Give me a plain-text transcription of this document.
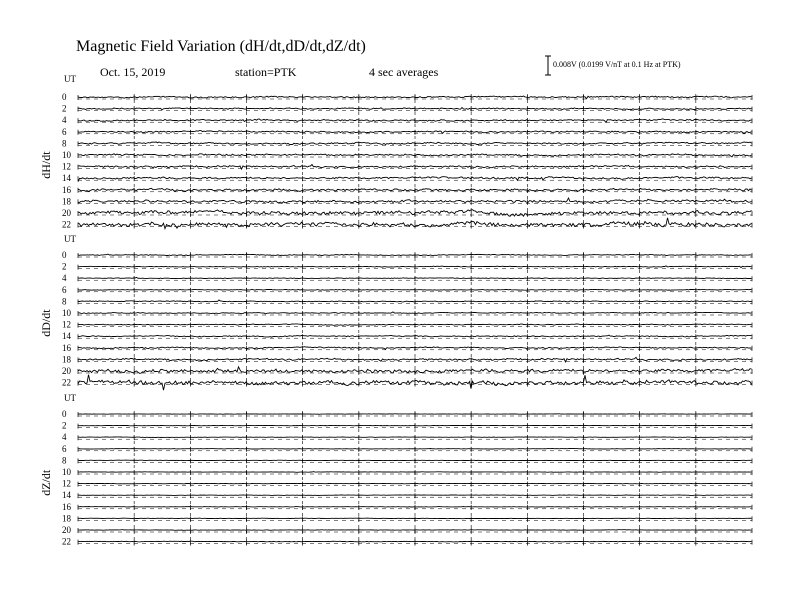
Magnetic Field Variation (dH/dt,dD/dt,dZ/dt)
Oct. 15, 2019	station=PTK	4 sec averages
0.008V (0.0199 V/nT at 0.1 Hz at PTK)
UT
dH/dt
0
2
4
6
8
10
12
14
16
18
20
22
UT
dD/dt
0
2
4
6
8
10
12
14
16
18
20
22
UT
dZ/dt
0
2
4
6
8
10
12
14
16
18
20
22
